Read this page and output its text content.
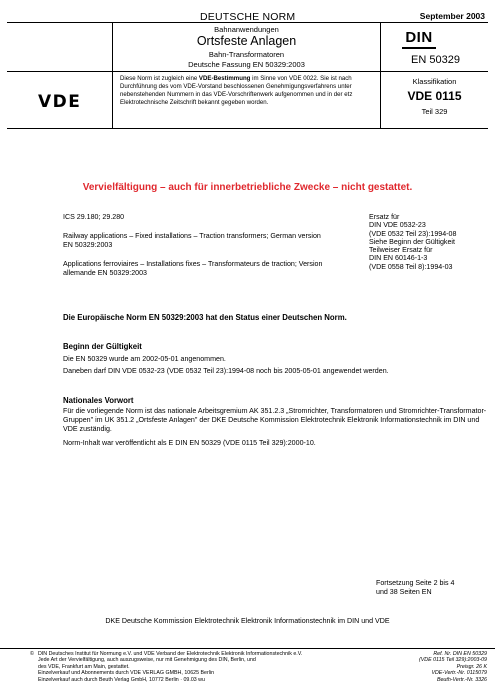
DEUTSCHE NORM	September 2003
Bahnanwendungen
Ortsfeste Anlagen
Bahn-Transformatoren
Deutsche Fassung EN 50329:2003
DIN
EN 50329
VDE
Diese Norm ist zugleich eine VDE-Bestimmung im Sinne von VDE 0022. Sie ist nach Durchführung des vom VDE-Vorstand beschlossenen Genehmigungsverfahrens unter nebenstehenden Nummern in das VDE-Vorschriftenwerk aufgenommen und in der etz Elektrotechnische Zeitschrift bekannt gegeben worden.
Klassifikation
VDE 0115
Teil 329
Vervielfältigung – auch für innerbetriebliche Zwecke – nicht gestattet.
ICS 29.180; 29.280
Railway applications – Fixed installations – Traction transformers; German version EN 50329:2003
Applications ferroviaires – Installations fixes – Transformateurs de traction; Version allemande EN 50329:2003
Ersatz für
DIN VDE 0532-23
(VDE 0532 Teil 23):1994-08
Siehe Beginn der Gültigkeit
Teilweiser Ersatz für
DIN EN 60146-1-3
(VDE 0558 Teil 8):1994-03
Die Europäische Norm EN 50329:2003 hat den Status einer Deutschen Norm.
Beginn der Gültigkeit
Die EN 50329 wurde am 2002-05-01 angenommen.
Daneben darf DIN VDE 0532-23 (VDE 0532 Teil 23):1994-08 noch bis 2005-05-01 angewendet werden.
Nationales Vorwort
Für die vorliegende Norm ist das nationale Arbeitsgremium AK 351.2.3 „Stromrichter, Transformatoren und Stromrichter-Transformator-Gruppen" im UK 351.2 „Ortsfeste Anlagen" der DKE Deutsche Kommission Elektrotechnik Elektronik Informationstechnik im DIN und VDE zuständig.
Norm-Inhalt war veröffentlicht als E DIN EN 50329 (VDE 0115 Teil 329):2000-10.
Fortsetzung Seite 2 bis 4
und 38 Seiten EN
DKE Deutsche Kommission Elektrotechnik Elektronik Informationstechnik im DIN und VDE
© DIN Deutsches Institut für Normung e.V. und VDE Verband der Elektrotechnik Elektronik Informationstechnik e.V.
Jede Art der Vervielfältigung, auch auszugsweise, nur mit Genehmigung des DIN, Berlin, und
des VDE, Frankfurt am Main, gestattet.
Einzelverkauf und Abonnements durch VDE VERLAG GMBH, 10625 Berlin
Einzelverkauf auch durch Beuth Verlag GmbH, 10772 Berlin · 09.03 wu
Ref. Nr. DIN EN 50329
(VDE 0115 Teil 329):2003-09
Preisgr. 26 K
VDE-Vertr.-Nr. 0115079
Beuth-Vertr.-Nr. 3326
